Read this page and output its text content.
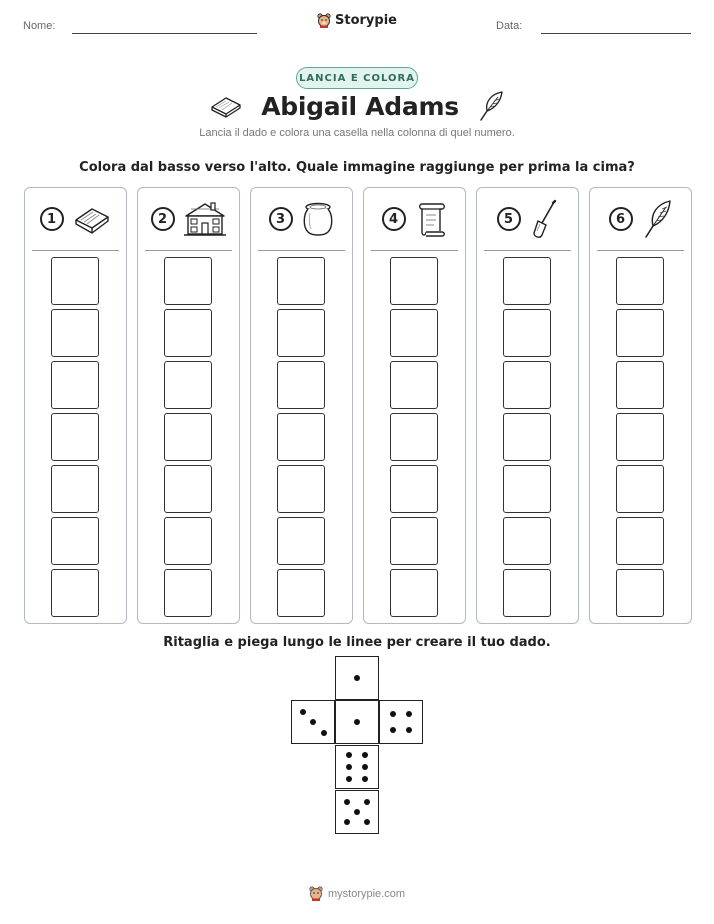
Nome:	Storypie	Data:
LANCIA E COLORA
Abigail Adams
Lancia il dado e colora una casella nella colonna di quel numero.
Colora dal basso verso l'alto. Quale immagine raggiunge per prima la cima?
1	2	3	4	5	6
Ritaglia e piega lungo le linee per creare il tuo dado.
mystorypie.com
